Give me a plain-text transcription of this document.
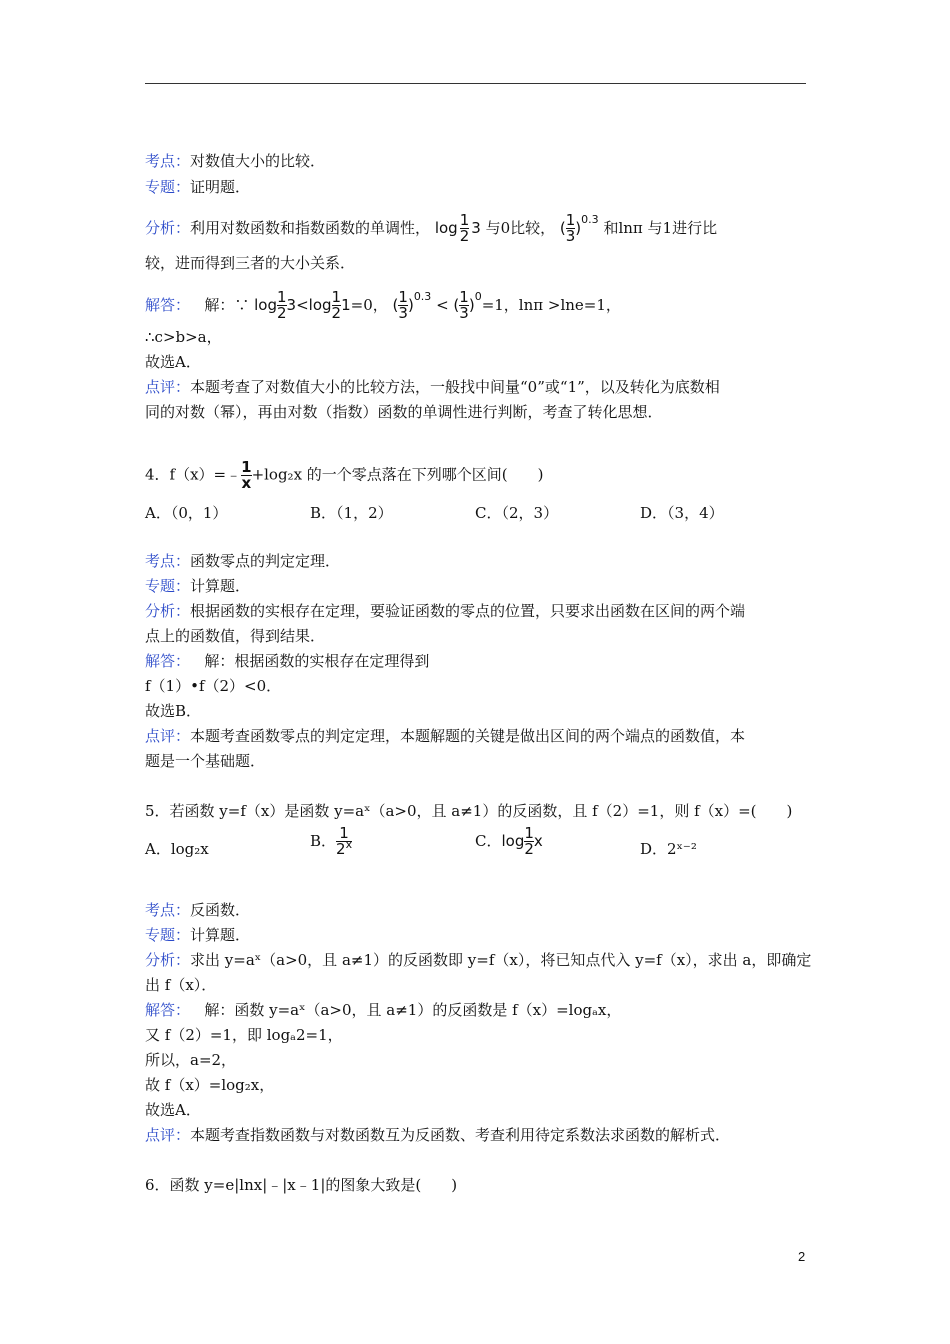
考点：对数值大小的比较．
专题：证明题．
分析：利用对数函数和指数函数的单调性， $\log \frac{1}{2} 3$ 与0比较， ( $\frac{1}{3} )^{0.3}$ 和lnπ 与1进行比
较，进而得到三者的大小关系．
解答： 解：∵ $\log \frac{1}{2} 3<\log \frac{1}{2} 1=0$， ( $\frac{1}{3} )^{0.3}$ < ( $\frac{1}{3} )^0=1$，lnπ >lne=1，
∴c>b>a，
故选A．
点评：本题考查了对数值大小的比较方法，一般找中间量“0”或“1”，以及转化为底数相
同的对数（幂），再由对数（指数）函数的单调性进行判断，考查了转化思想．
4．f（x）=﹣ $\frac{1}{x} +\log_2x$ 的一个零点落在下列哪个区间(　　)
A．（0，1）	B．（1，2）	C．（2，3）	D．（3，4）
考点：函数零点的判定定理．
专题：计算题．
分析：根据函数的实根存在定理，要验证函数的零点的位置，只要求出函数在区间的两个端
点上的函数值，得到结果．
解答： 解：根据函数的实根存在定理得到
f（1）•f（2）<0．
故选B．
点评：本题考查函数零点的判定定理，本题解题的关键是做出区间的两个端点的函数值，本
题是一个基础题．
5．若函数 y=f（x）是函数 y=aˣ（a>0，且 a≠1）的反函数，且 f（2）=1，则 f（x）=(　　)
A．log₂x	B． $\frac{1}{2^x}$	C．$\log \frac{1}{2}$ x	D．2ˣ⁻²
考点：反函数．
专题：计算题．
分析：求出 y=aˣ（a>0，且 a≠1）的反函数即 y=f（x），将已知点代入 y=f（x），求出 a，即确定
出 f（x）．
解答： 解：函数 y=aˣ（a>0，且 a≠1）的反函数是 f（x）=logₐx，
又 f（2）=1，即 logₐ2=1，
所以，a=2，
故 f（x）=log₂x，
故选A．
点评：本题考查指数函数与对数函数互为反函数、考查利用待定系数法求函数的解析式．
6．函数 y=e|lnx|﹣|x﹣1|的图象大致是(　　)
2
